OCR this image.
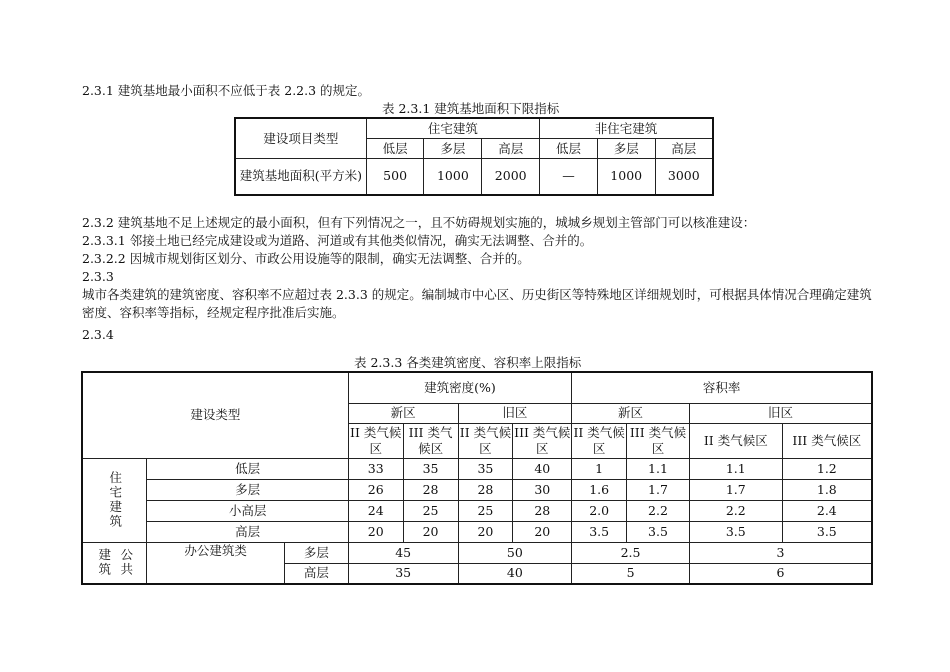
2.3.1 建筑基地最小面积不应低于表 2.2.3 的规定。
表 2.3.1 建筑基地面积下限指标
建设项目类型	住宅建筑			非住宅建筑		
	低层	多层	高层	低层	多层	高层
建筑基地面积(平方米)	500	1000	2000	—	1000	3000
2.3.2 建筑基地不足上述规定的最小面积，但有下列情况之一，且不妨碍规划实施的，城城乡规划主管部门可以核准建设：
2.3.3.1 邻接土地已经完成建设或为道路、河道或有其他类似情况，确实无法调整、合并的。
2.3.2.2 因城市规划街区划分、市政公用设施等的限制，确实无法调整、合并的。
2.3.3
城市各类建筑的建筑密度、容积率不应超过表 2.3.3 的规定。编制城市中心区、历史街区等特殊地区详细规划时，可根据具体情况合理确定建筑密度、容积率等指标，经规定程序批准后实施。
2.3.4
表 2.3.3 各类建筑密度、容积率上限指标
建设类型			建筑密度(%)				容积率			
			新区		旧区		新区		旧区	
			II 类气候区	III 类气候区	II 类气候区	III 类气候区	II 类气候区	III 类气候区	II 类气候区	III 类气候区
住宅建筑	低层		33	35	35	40	1	1.1	1.1	1.2
	多层		26	28	28	30	1.6	1.7	1.7	1.8
	小高层		24	25	25	28	2.0	2.2	2.2	2.4
	高层		20	20	20	20	3.5	3.5	3.5	3.5

建筑 公共	办公建筑类	多层	45		50		2.5		3	
		高层	35		40		5		6	
